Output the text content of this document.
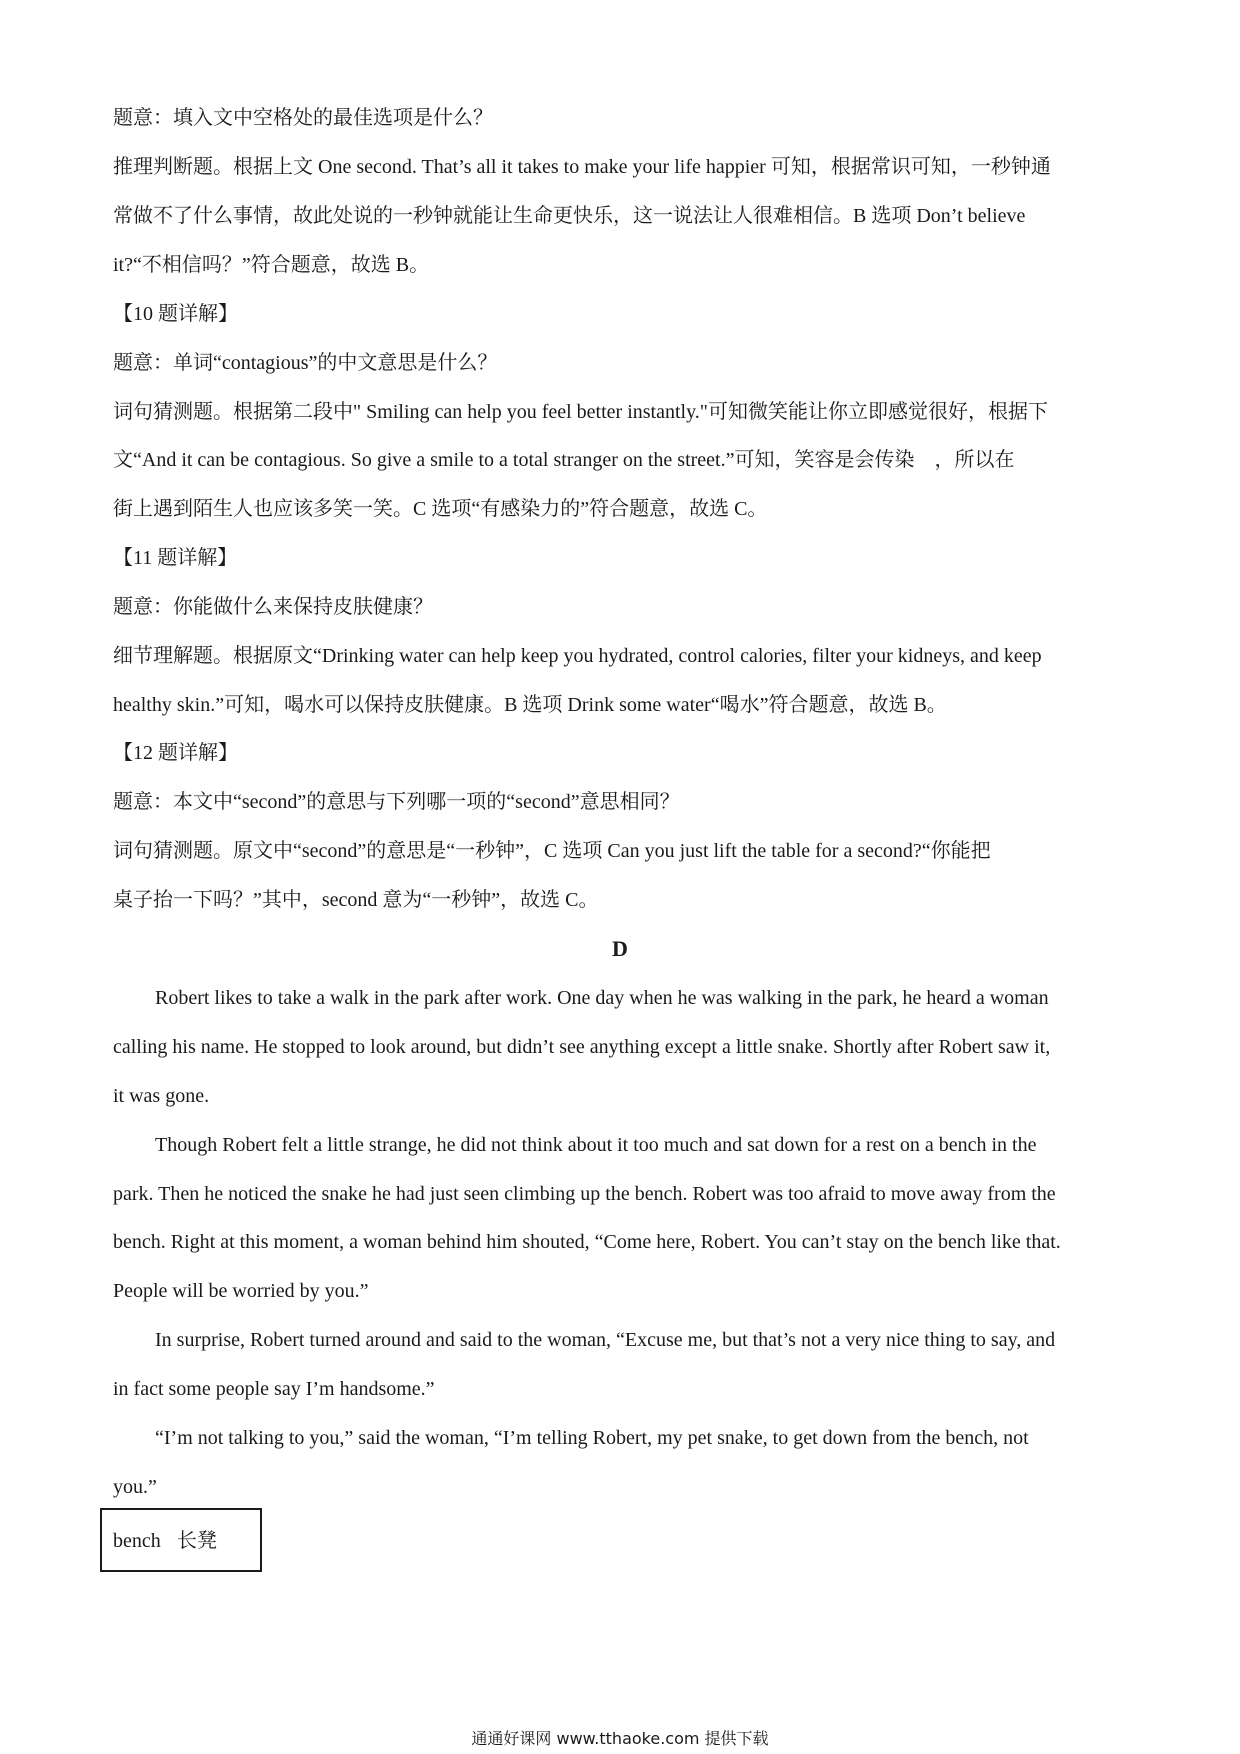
题意：填入文中空格处的最佳选项是什么？
推理判断题。根据上文 One second. That’s all it takes to make your life happier 可知，根据常识可知，一秒钟通
常做不了什么事情，故此处说的一秒钟就能让生命更快乐，这一说法让人很难相信。B 选项 Don’t believe
it?“不相信吗？”符合题意，故选 B。
【10 题详解】
题意：单词“contagious”的中文意思是什么？
词句猜测题。根据第二段中" Smiling can help you feel better instantly."可知微笑能让你立即感觉很好，根据下
文“And it can be contagious. So give a smile to a total stranger on the street.”可知，笑容是会传染　，所以在
街上遇到陌生人也应该多笑一笑。C 选项“有感染力的”符合题意，故选 C。
【11 题详解】
题意：你能做什么来保持皮肤健康？
细节理解题。根据原文“Drinking water can help keep you hydrated, control calories, filter your kidneys, and keep
healthy skin.”可知，喝水可以保持皮肤健康。B 选项 Drink some water“喝水”符合题意，故选 B。
【12 题详解】
题意：本文中“second”的意思与下列哪一项的“second”意思相同？
词句猜测题。原文中“second”的意思是“一秒钟”，C 选项 Can you just lift the table for a second?“你能把
桌子抬一下吗？”其中，second 意为“一秒钟”，故选 C。
D
Robert likes to take a walk in the park after work. One day when he was walking in the park, he heard a woman
calling his name. He stopped to look around, but didn’t see anything except a little snake. Shortly after Robert saw it,
it was gone.
Though Robert felt a little strange, he did not think about it too much and sat down for a rest on a bench in the
park. Then he noticed the snake he had just seen climbing up the bench. Robert was too afraid to move away from the
bench. Right at this moment, a woman behind him shouted, “Come here, Robert. You can’t stay on the bench like that.
People will be worried by you.”
In surprise, Robert turned around and said to the woman, “Excuse me, but that’s not a very nice thing to say, and
in fact some people say I’m handsome.”
“I’m not talking to you,” said the woman, “I’m telling Robert, my pet snake, to get down from the bench, not
you.”
bench 长凳
通通好课网 www.tthaoke.com 提供下载
